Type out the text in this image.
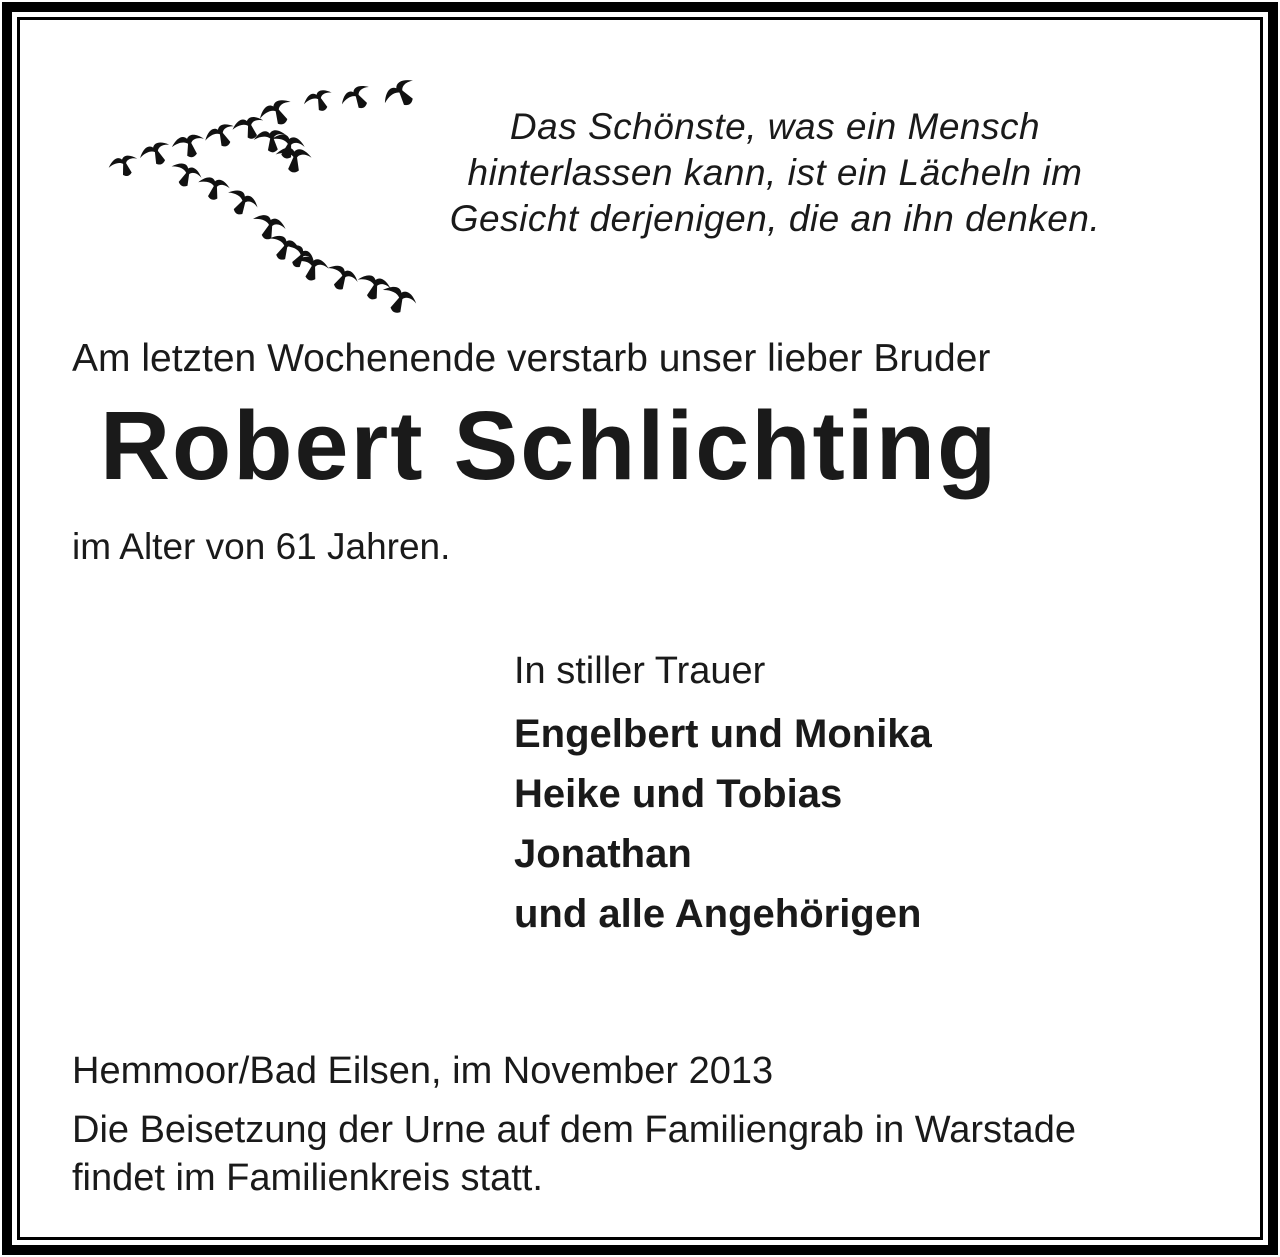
Das Schönste, was ein Mensch
hinterlassen kann, ist ein Lächeln im
Gesicht derjenigen, die an ihn denken.
Am letzten Wochenende verstarb unser lieber Bruder
Robert Schlichting
im Alter von 61 Jahren.
In stiller Trauer
Engelbert und Monika
Heike und Tobias
Jonathan
und alle Angehörigen
Hemmoor/Bad Eilsen, im November 2013
Die Beisetzung der Urne auf dem Familiengrab in Warstade
findet im Familienkreis statt.
